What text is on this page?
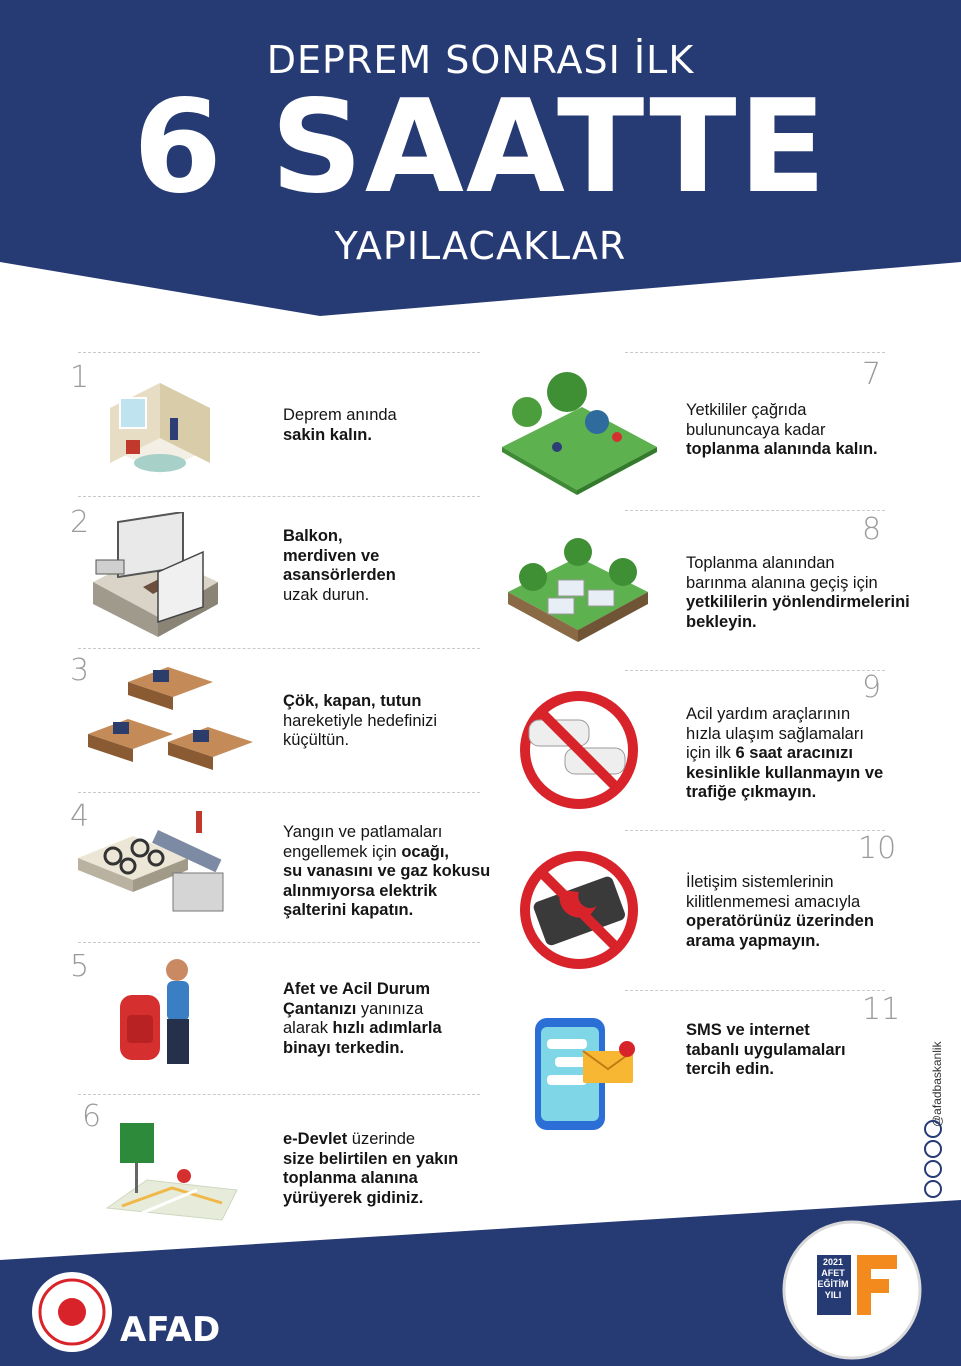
DEPREM SONRASI İLK
6 SAATTE
YAPILACAKLAR
1
Deprem anında
sakin kalın.
2	Balkon,
merdiven ve
asansörlerden
uzak durun.
3
Çök, kapan, tutun
hareketiyle hedefinizi
küçültün.
4	Yangın ve patlamaları
engellemek için ocağı,
su vanasını ve gaz kokusu
alınmıyorsa elektrik
şalterini kapatın.
5
Afet ve Acil Durum
Çantanızı yanınıza
alarak hızlı adımlarla
binayı terkedin.
6
e-Devlet üzerinde
size belirtilen en yakın
toplanma alanına
yürüyerek gidiniz.
7
Yetkililer çağrıda
bulununcaya kadar
toplanma alanında kalın.
8
Toplanma alanından
barınma alanına geçiş için
yetkililerin yönlendirmelerini
bekleyin.
9
Acil yardım araçlarının
hızla ulaşım sağlamaları
için ilk 6 saat aracınızı
kesinlikle kullanmayın ve
trafiğe çıkmayın.
10
İletişim sistemlerinin
kilitlenmemesi amacıyla
operatörünüz üzerinden
arama yapmayın.
11
SMS ve internet
tabanlı uygulamaları
tercih edin.	@afadbaskanlik
AFAD
2021
AFET
EĞİTİM
YILI
